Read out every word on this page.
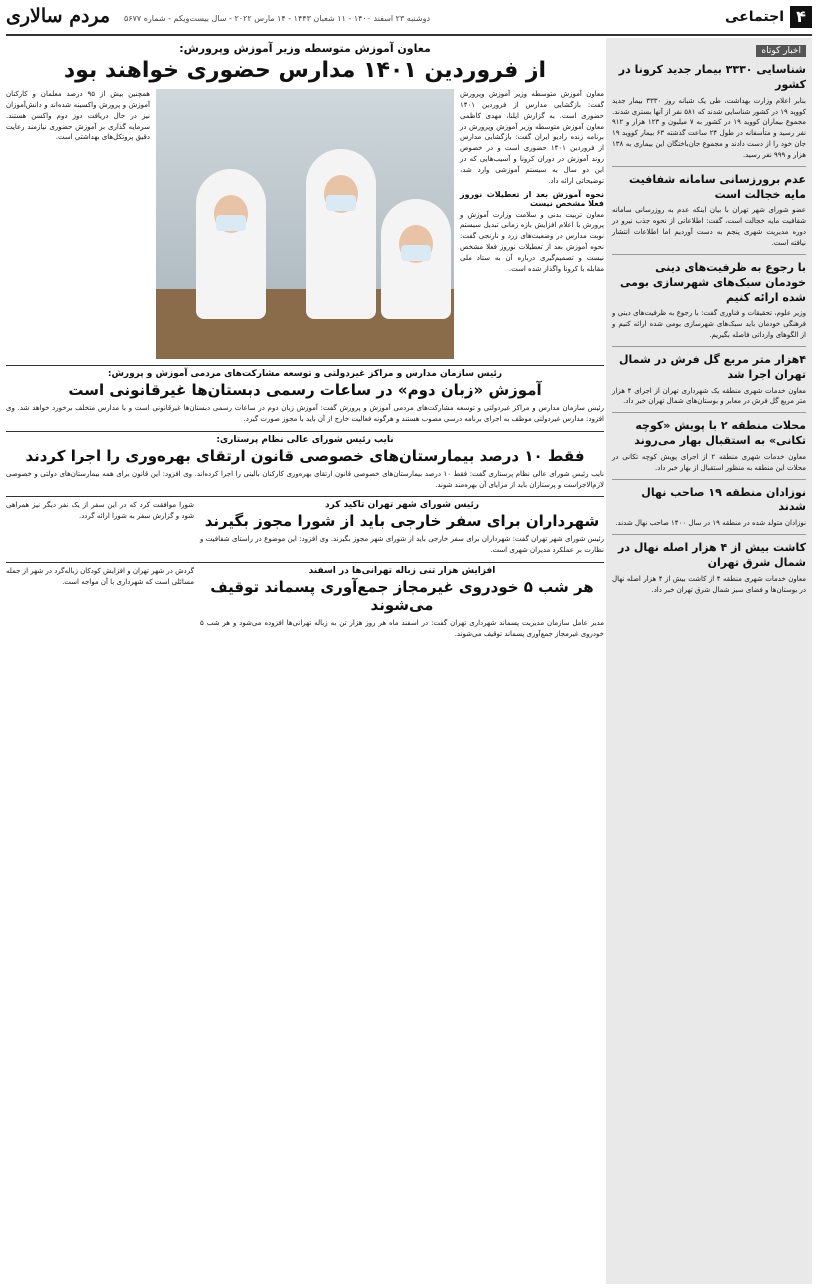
۴
اجتماعی
دوشنبه ۲۳ اسفند ۱۴۰۰ - ۱۱ شعبان ۱۴۴۳ - ۱۴ مارس ۲۰۲۲ - سال بیست‌ویکم - شماره ۵۶۷۷
مردم سالاری
اخبار کوتاه
شناسایی ۳۳۳۰ بیمار جدید کرونا در کشور

بنابر اعلام وزارت بهداشت، طی یک شبانه روز ۳۳۳۰ بیمار جدید کووید ۱۹ در کشور شناسایی شدند که ۵۸۱ نفر از آنها بستری شدند. مجموع بیماران کووید ۱۹ در کشور به ۷ میلیون و ۱۲۳ هزار و ۹۱۲ نفر رسید و متأسفانه در طول ۲۴ ساعت گذشته ۶۳ بیمار کووید ۱۹ جان خود را از دست دادند و مجموع جان‌باختگان این بیماری به ۱۳۸ هزار و ۹۹۹ نفر رسید.

عدم برورزسانی سامانه شفافیت مایه خجالت است

عضو شورای شهر تهران با بیان اینکه عدم به روزرسانی سامانه شفافیت مایه خجالت است، گفت: اطلاعاتی از نحوه جذب نیرو در دوره مدیریت شهری پنجم به دست آوردیم اما اطلاعات انتشار نیافته است.

با رجوع به ظرفیت‌های دینی خودمان سبک‌های شهرسازی بومی شده ارائه کنیم

وزیر علوم، تحقیقات و فناوری گفت: با رجوع به ظرفیت‌های دینی و فرهنگی خودمان باید سبک‌های شهرسازی بومی شده ارائه کنیم و از الگوهای وارداتی فاصله بگیریم.

۴هزار متر مربع گل فرش در شمال تهران اجرا شد

معاون خدمات شهری منطقه یک شهرداری تهران از اجرای ۴ هزار متر مربع گل فرش در معابر و بوستان‌های شمال تهران خبر داد.

محلات منطقه ۲ با پویش «کوچه تکانی» به استقبال بهار می‌روند

معاون خدمات شهری منطقه ۲ از اجرای پویش کوچه تکانی در محلات این منطقه به منظور استقبال از بهار خبر داد.

نوزادان منطقه ۱۹ صاحب نهال شدند

نوزادان متولد شده در منطقه ۱۹ در سال ۱۴۰۰ صاحب نهال شدند.

کاشت بیش از ۴ هزار اصله نهال در شمال شرق تهران

معاون خدمات شهری منطقه ۴ از کاشت بیش از ۴ هزار اصله نهال در بوستان‌ها و فضای سبز شمال شرق تهران خبر داد.

معاون آموزش متوسطه وزیر آموزش وپرورش:
از فروردین ۱۴۰۱ مدارس حضوری خواهند بود

معاون آموزش متوسطه وزیر آموزش وپرورش گفت: بازگشایی مدارس از فروردین ۱۴۰۱ حضوری است. به گزارش ایلنا، مهدی کاظمی معاون آموزش متوسطه وزیر آموزش وپرورش در برنامه زنده رادیو ایران گفت: بازگشایی مدارس از فروردین ۱۴۰۱ حضوری است و در خصوص روند آموزش در دوران کرونا و آسیب‌هایی که در این دو سال به سیستم آموزشی وارد شد، توضیحاتی ارائه داد.

نحوه آموزش بعد از تعطیلات نوروز فعلا مشخص نیست

معاون تربیت بدنی و سلامت وزارت آموزش و پرورش با اعلام افزایش بازه زمانی تبدیل سیستم نوبت مدارس در وضعیت‌های زرد و نارنجی گفت: نحوه آموزش بعد از تعطیلات نوروز فعلا مشخص نیست و تصمیم‌گیری درباره آن به ستاد ملی مقابله با کرونا واگذار شده است.

همچنین بیش از ۹۵ درصد معلمان و کارکنان آموزش و پرورش واکسینه شده‌اند و دانش‌آموزان نیز در حال دریافت دوز دوم واکسن هستند. سرمایه گذاری بر آموزش حضوری نیازمند رعایت دقیق پروتکل‌های بهداشتی است.

رئیس سازمان مدارس و مراکز غیردولتی و توسعه مشارکت‌های مردمی آموزش و پرورش:
آموزش «زبان دوم» در ساعات رسمی دبستان‌ها غیرقانونی است
رئیس سازمان مدارس و مراکز غیردولتی و توسعه مشارکت‌های مردمی آموزش و پرورش گفت: آموزش زبان دوم در ساعات رسمی دبستان‌ها غیرقانونی است و با مدارس متخلف برخورد خواهد شد. وی افزود: مدارس غیردولتی موظف به اجرای برنامه درسی مصوب هستند و هرگونه فعالیت خارج از آن باید با مجوز صورت گیرد.
نایب رئیس شورای عالی نظام پرستاری:
فقط ۱۰ درصد بیمارستان‌های خصوصی قانون ارتقای بهره‌وری را اجرا کردند
نایب رئیس شورای عالی نظام پرستاری گفت: فقط ۱۰ درصد بیمارستان‌های خصوصی قانون ارتقای بهره‌وری کارکنان بالینی را اجرا کرده‌اند. وی افزود: این قانون برای همه بیمارستان‌های دولتی و خصوصی لازم‌الاجراست و پرستاران باید از مزایای آن بهره‌مند شوند.
رئیس شورای شهر تهران تاکید کرد
شهرداران برای سفر خارجی باید از شورا مجوز بگیرند
رئیس شورای شهر تهران گفت: شهرداران برای سفر خارجی باید از شورای شهر مجوز بگیرند. وی افزود: این موضوع در راستای شفافیت و نظارت بر عملکرد مدیران شهری است.
شورا موافقت کرد که در این سفر از یک نفر دیگر نیز همراهی شود و گزارش سفر به شورا ارائه گردد.
افزایش هزار تنی زباله تهرانی‌ها در اسفند
هر شب ۵ خودروی غیرمجاز جمع‌آوری پسماند توقیف می‌شوند
مدیر عامل سازمان مدیریت پسماند شهرداری تهران گفت: در اسفند ماه هر روز هزار تن به زباله تهرانی‌ها افزوده می‌شود و هر شب ۵ خودروی غیرمجاز جمع‌آوری پسماند توقیف می‌شوند.
گردش در شهر تهران و افزایش کودکان زباله‌گرد در شهر از جمله مسائلی است که شهرداری با آن مواجه است.
